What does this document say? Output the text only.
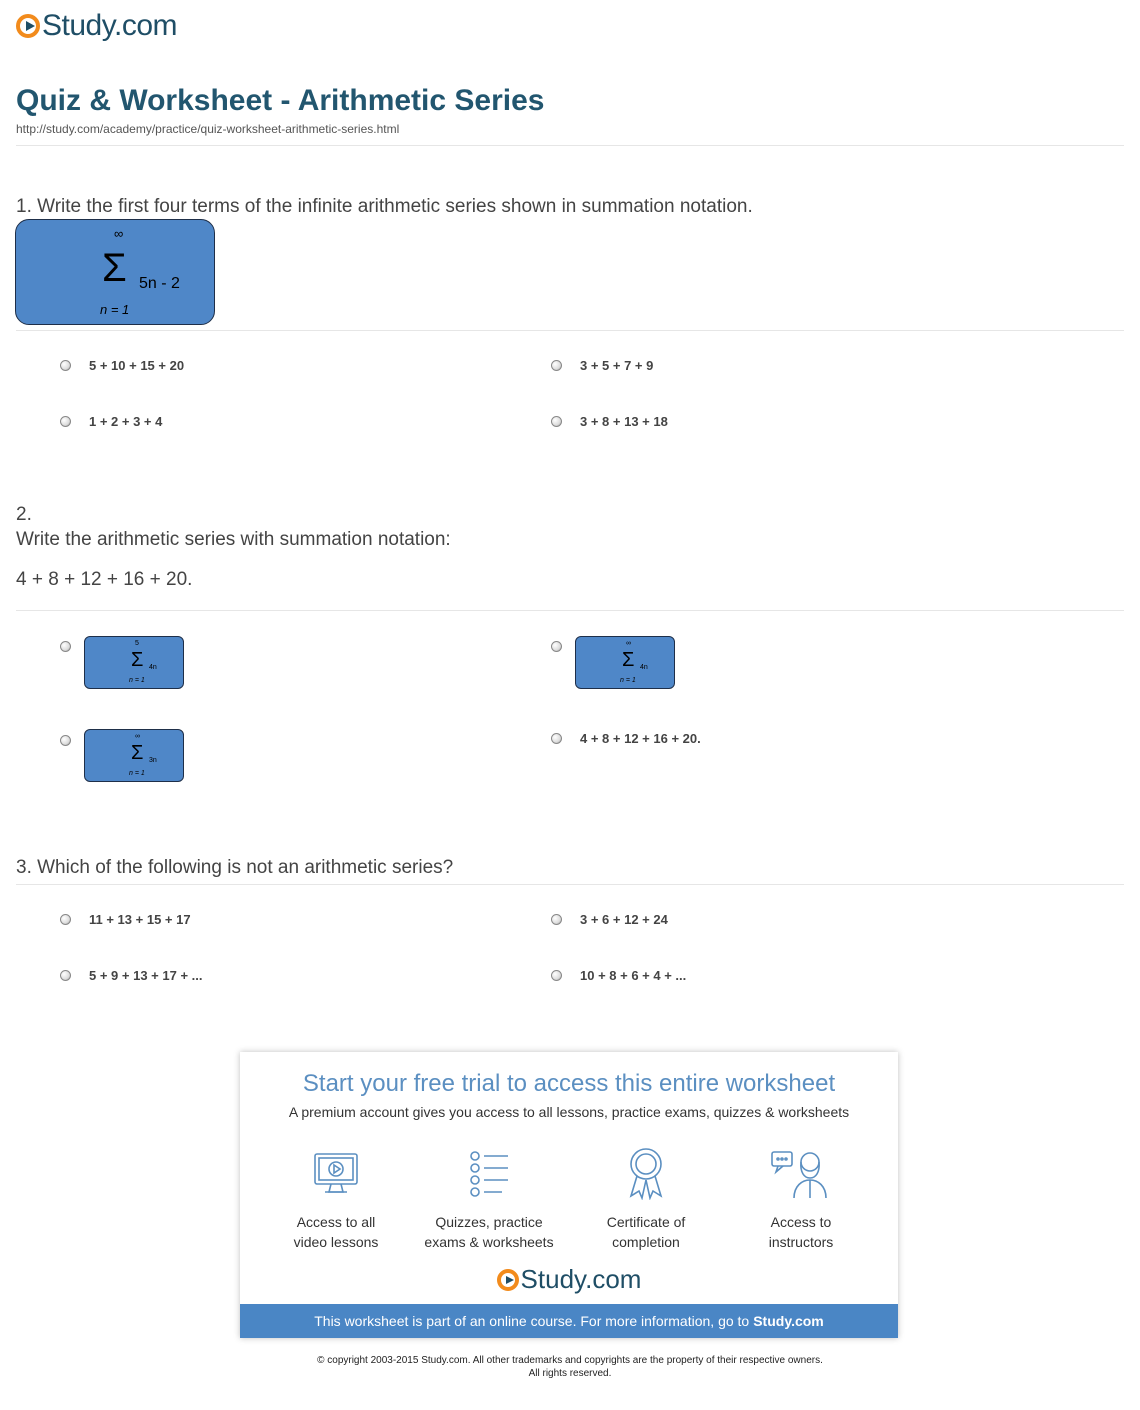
Study.com
Quiz & Worksheet - Arithmetic Series
http://study.com/academy/practice/quiz-worksheet-arithmetic-series.html
1. Write the first four terms of the infinite arithmetic series shown in summation notation.
∞
Σ 5n - 2
n = 1
5 + 10 + 15 + 20	3 + 5 + 7 + 9
1 + 2 + 3 + 4	3 + 8 + 13 + 18
2.
Write the arithmetic series with summation notation:
4 + 8 + 12 + 16 + 20.
5
Σ 4n
n = 1
∞
Σ 4n
n = 1
∞
Σ 3n
n = 1
4 + 8 + 12 + 16 + 20.
3. Which of the following is not an arithmetic series?
11 + 13 + 15 + 17	3 + 6 + 12 + 24
5 + 9 + 13 + 17 + ...	10 + 8 + 6 + 4 + ...
Start your free trial to access this entire worksheet
A premium account gives you access to all lessons, practice exams, quizzes & worksheets
Access to all
video lessons
Quizzes, practice
exams & worksheets
Certificate of
completion
Access to
instructors
Study.com
This worksheet is part of an online course. For more information, go to Study.com
© copyright 2003-2015 Study.com. All other trademarks and copyrights are the property of their respective owners.
All rights reserved.
